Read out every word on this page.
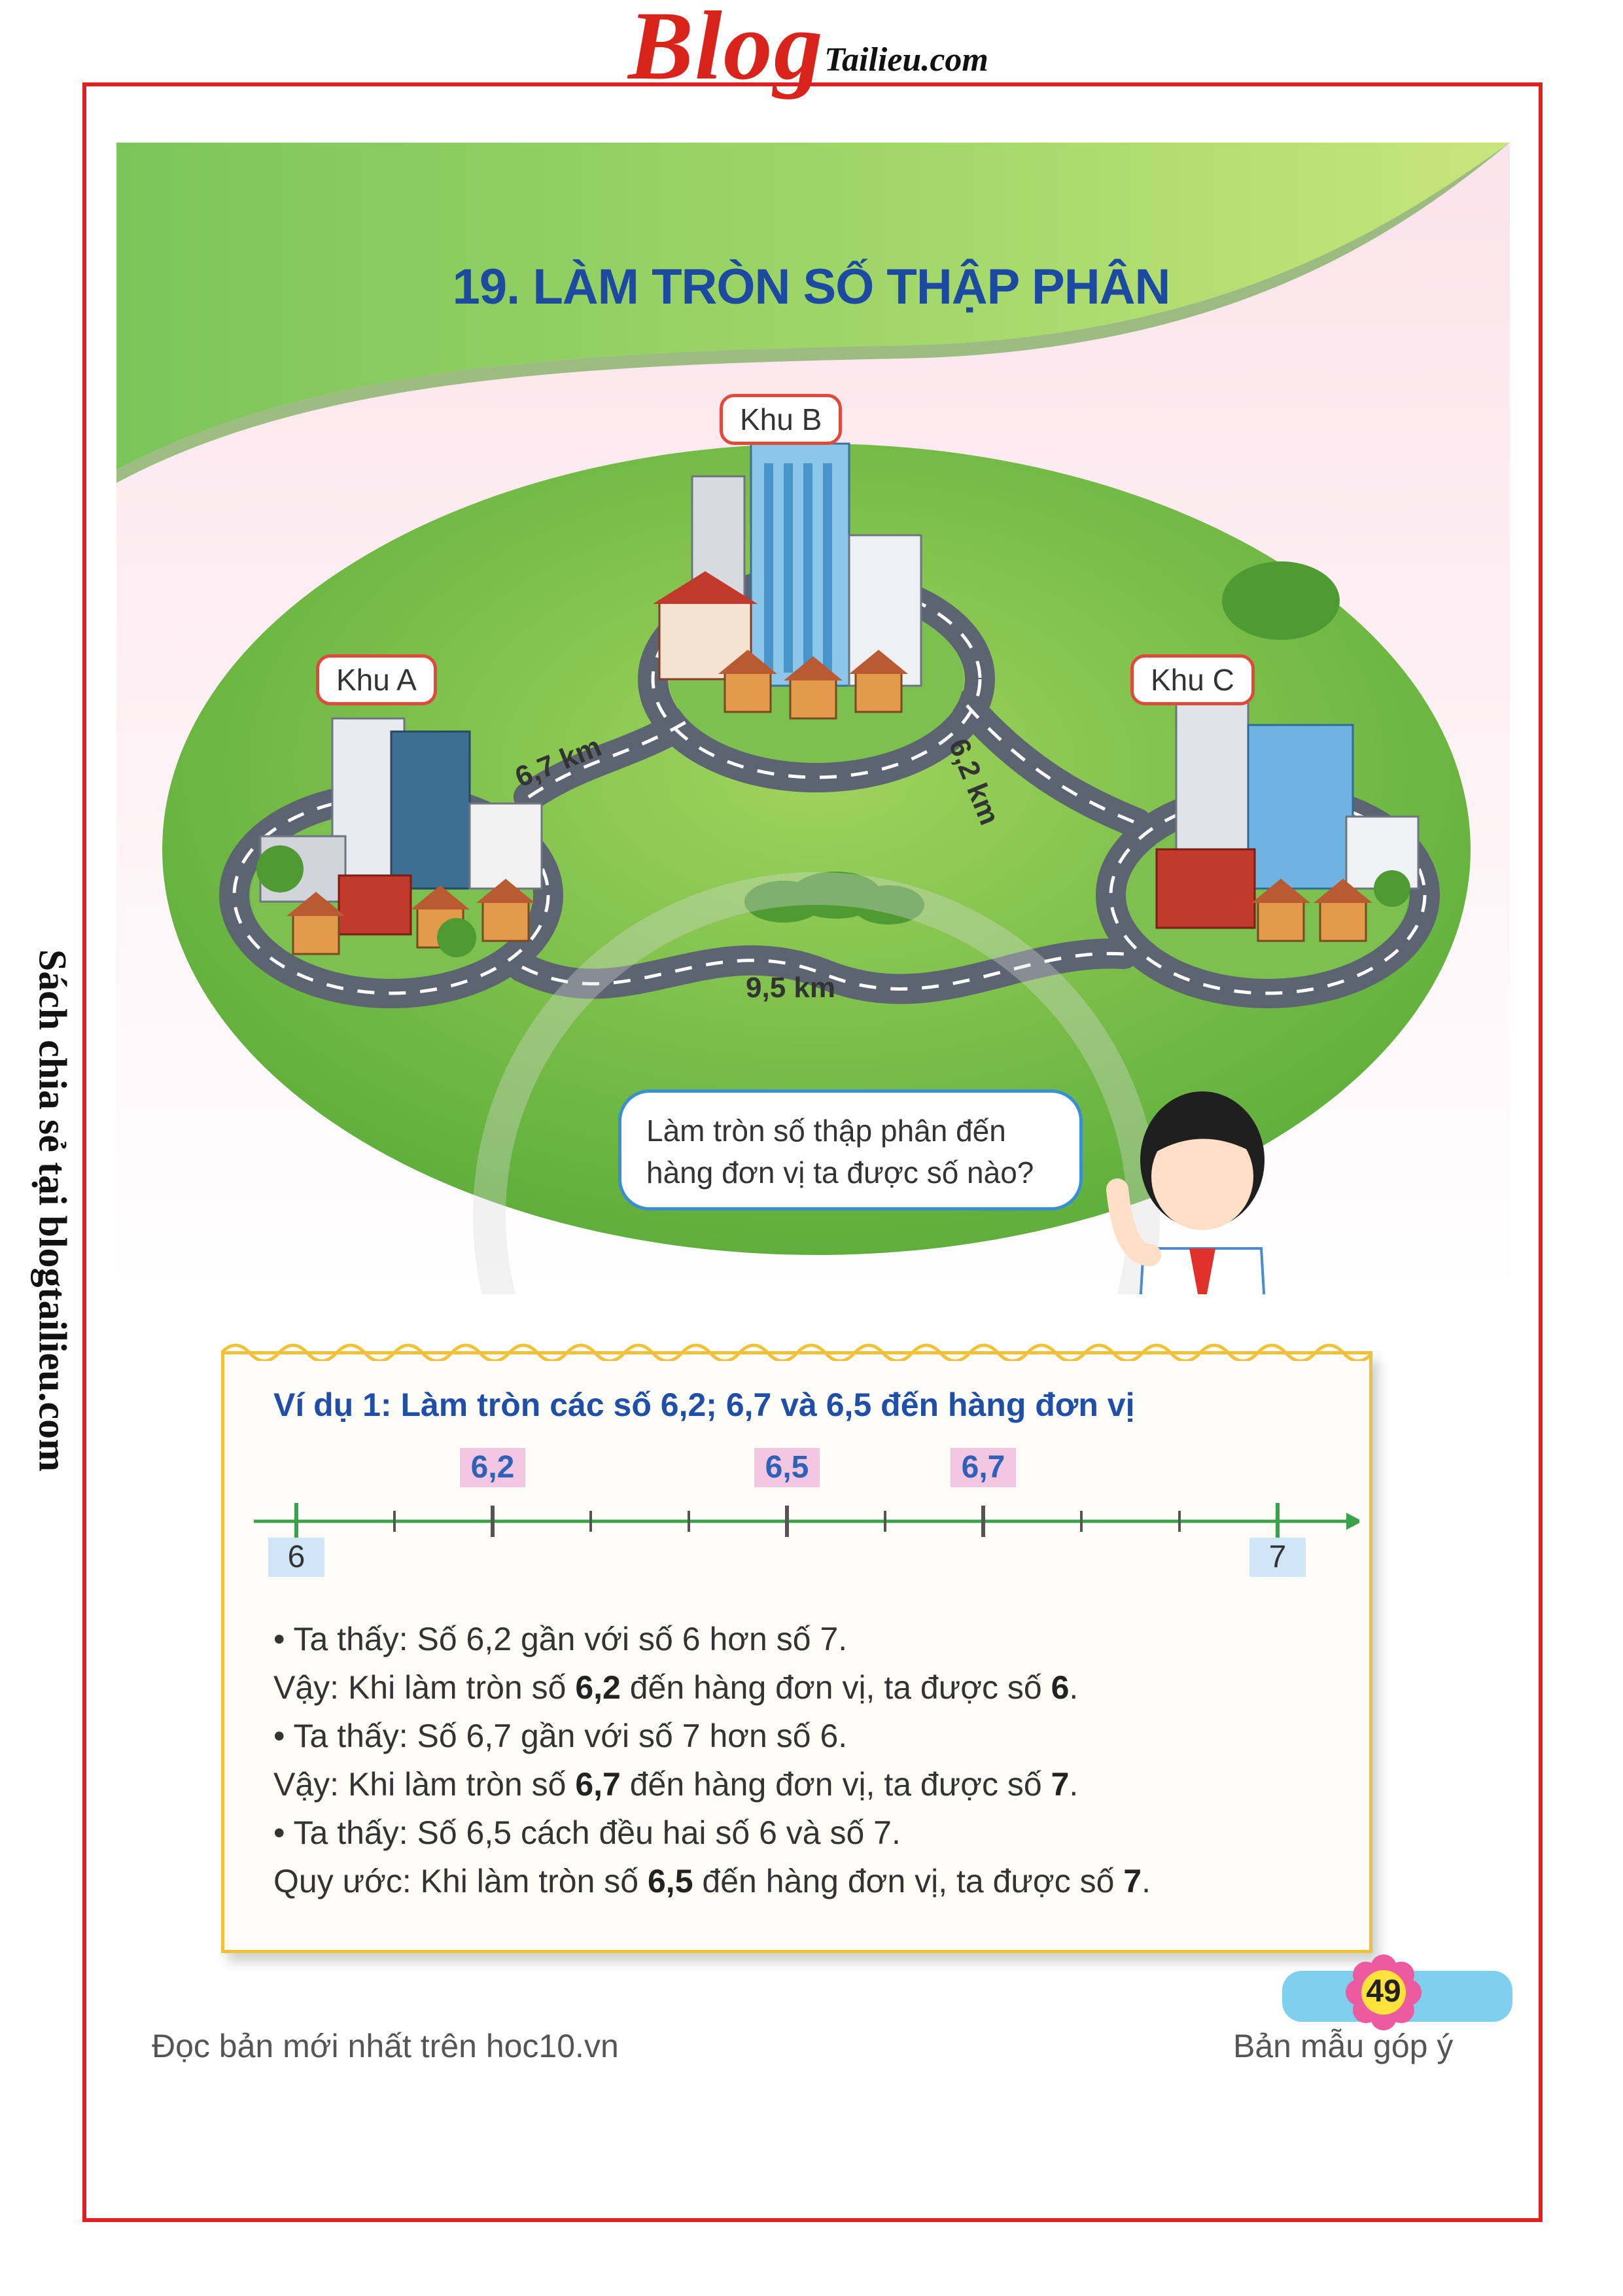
Blog Tailieu.com
Sách chia sẻ tại blogtailieu.com
19. LÀM TRÒN SỐ THẬP PHÂN
Khu B
Khu A	Khu C
6,7 km	6,2 km
9,5 km
Làm tròn số thập phân đến
hàng đơn vị ta được số nào?
Ví dụ 1: Làm tròn các số 6,2; 6,7 và 6,5 đến hàng đơn vị
6	7
6,2	6,5	6,7
• Ta thấy: Số 6,2 gần với số 6 hơn số 7.
Vậy: Khi làm tròn số 6,2 đến hàng đơn vị, ta được số 6.
• Ta thấy: Số 6,7 gần với số 7 hơn số 6.
Vậy: Khi làm tròn số 6,7 đến hàng đơn vị, ta được số 7.
• Ta thấy: Số 6,5 cách đều hai số 6 và số 7.
Quy ước: Khi làm tròn số 6,5 đến hàng đơn vị, ta được số 7.
49
Đọc bản mới nhất trên hoc10.vn	Bản mẫu góp ý
